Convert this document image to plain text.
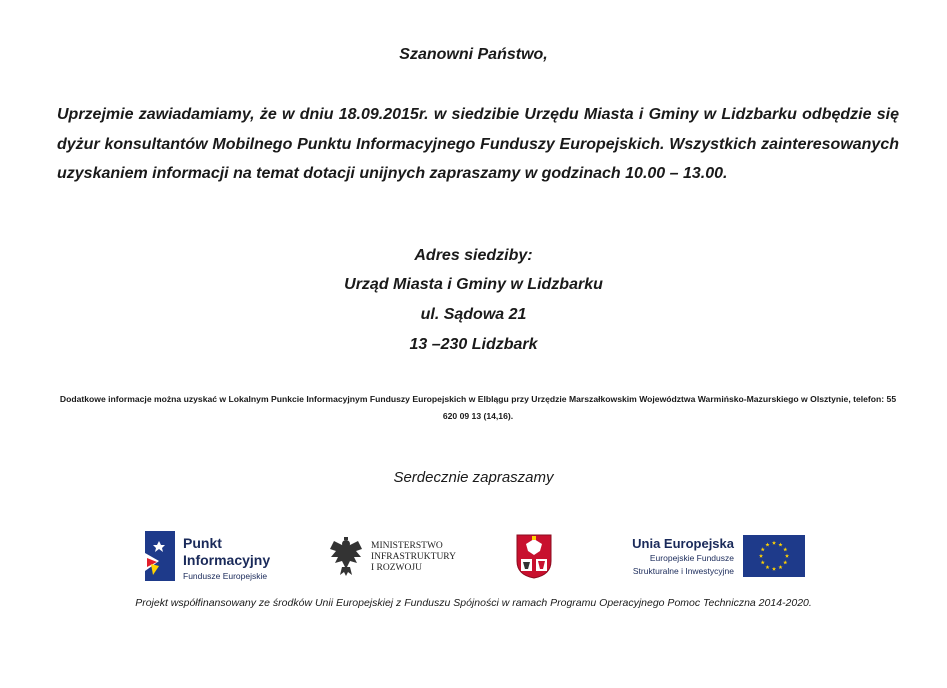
Szanowni Państwo,
Uprzejmie zawiadamiamy, że w dniu 18.09.2015r. w siedzibie Urzędu Miasta i Gminy w Lidzbarku odbędzie się dyżur konsultantów Mobilnego Punktu Informacyjnego Funduszy Europejskich. Wszystkich zainteresowanych uzyskaniem informacji na temat dotacji unijnych zapraszamy w godzinach 10.00 – 13.00.
Adres siedziby:
Urząd Miasta i Gminy w Lidzbarku
ul. Sądowa 21
13 –230 Lidzbark
Dodatkowe informacje można uzyskać w Lokalnym Punkcie Informacyjnym Funduszy Europejskich w Elblągu przy Urzędzie Marszałkowskim Województwa Warmińsko-Mazurskiego w Olsztynie, telefon: 55 620 09 13 (14,16).
Serdecznie zapraszamy
Punkt
Informacyjny
Fundusze Europejskie
MINISTERSTWO
INFRASTRUKTURY
I ROZWOJU
Unia Europejska
Europejskie Fundusze
Strukturalne i Inwestycyjne
Projekt współfinansowany ze środków Unii Europejskiej z Funduszu Spójności w ramach Programu Operacyjnego Pomoc Techniczna 2014-2020.
